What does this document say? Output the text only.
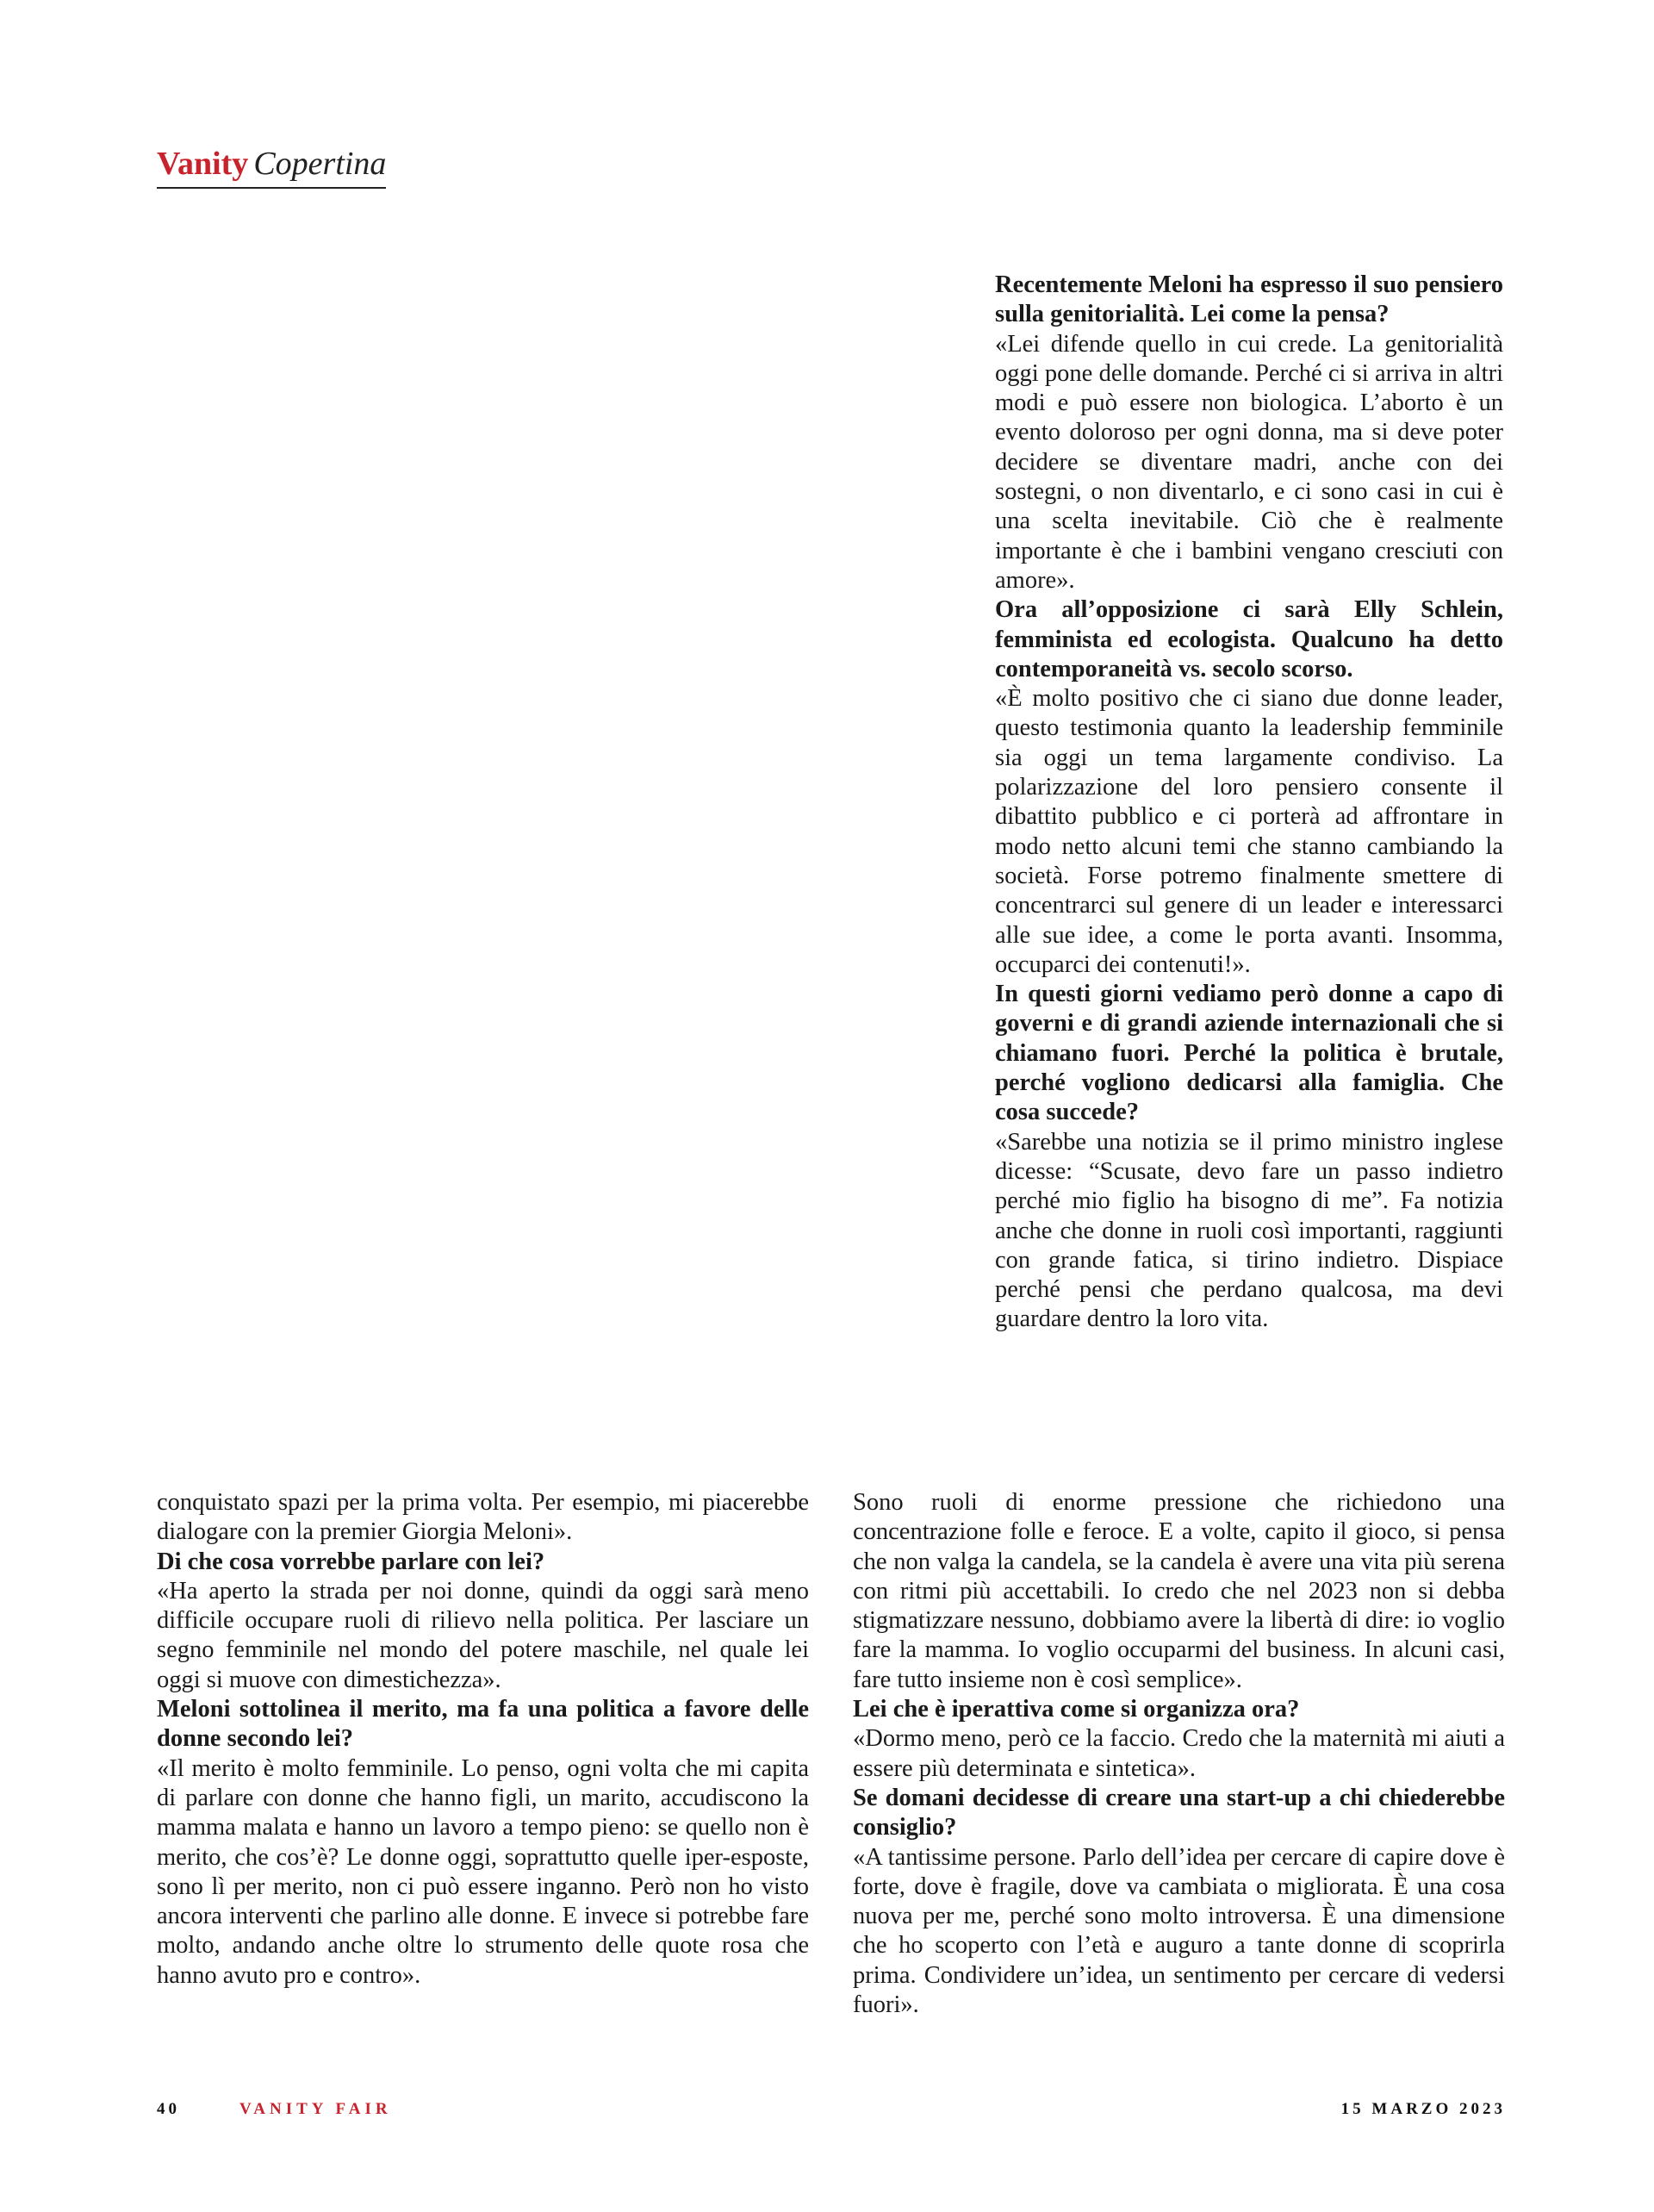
Vanity Copertina

conquistato spazi per la prima volta. Per esempio, mi piacerebbe dialogare con la premier Giorgia Meloni».

Di che cosa vorrebbe parlare con lei?

«Ha aperto la strada per noi donne, quindi da oggi sarà meno difficile occupare ruoli di rilievo nella politica. Per lasciare un segno femminile nel mondo del potere maschile, nel quale lei oggi si muove con dimestichezza».

Meloni sottolinea il merito, ma fa una politica a favore delle donne secondo lei?

«Il merito è molto femminile. Lo penso, ogni volta che mi capita di parlare con donne che hanno figli, un marito, accudiscono la mamma malata e hanno un lavoro a tempo pieno: se quello non è merito, che cos’è? Le donne oggi, soprattutto quelle iper-esposte, sono lì per merito, non ci può essere inganno. Però non ho visto ancora interventi che parlino alle donne. E invece si potrebbe fare molto, andando anche oltre lo strumento delle quote rosa che hanno avuto pro e contro».

Recentemente Meloni ha espresso il suo pensiero sulla genitorialità. Lei come la pensa?

«Lei difende quello in cui crede. La genitorialità oggi pone delle domande. Perché ci si arriva in altri modi e può essere non biologica. L’aborto è un evento doloroso per ogni donna, ma si deve poter decidere se diventare madri, anche con dei sostegni, o non diventarlo, e ci sono casi in cui è una scelta inevitabile. Ciò che è realmente importante è che i bambini vengano cresciuti con amore».

Ora all’opposizione ci sarà Elly Schlein, femminista ed ecologista. Qualcuno ha detto contemporaneità vs. secolo scorso.

«È molto positivo che ci siano due donne leader, questo testimonia quanto la leadership femminile sia oggi un tema largamente condiviso. La polarizzazione del loro pensiero consente il dibattito pubblico e ci porterà ad affrontare in modo netto alcuni temi che stanno cambiando la società. Forse potremo finalmente smettere di concentrarci sul genere di un leader e interessarci alle sue idee, a come le porta avanti. Insomma, occuparci dei contenuti!».

In questi giorni vediamo però donne a capo di governi e di grandi aziende internazionali che si chiamano fuori. Perché la politica è brutale, perché vogliono dedicarsi alla famiglia. Che cosa succede?

«Sarebbe una notizia se il primo ministro inglese dicesse: “Scusate, devo fare un passo indietro perché mio figlio ha bisogno di me”. Fa notizia anche che donne in ruoli così importanti, raggiunti con grande fatica, si tirino indietro. Dispiace perché pensi che perdano qualcosa, ma devi guardare dentro la loro vita.

Sono ruoli di enorme pressione che richiedono una concentrazione folle e feroce. E a volte, capito il gioco, si pensa che non valga la candela, se la candela è avere una vita più serena con ritmi più accettabili. Io credo che nel 2023 non si debba stigmatizzare nessuno, dobbiamo avere la libertà di dire: io voglio fare la mamma. Io voglio occuparmi del business. In alcuni casi, fare tutto insieme non è così semplice».

Lei che è iperattiva come si organizza ora?

«Dormo meno, però ce la faccio. Credo che la maternità mi aiuti a essere più determinata e sintetica».

Se domani decidesse di creare una start-up a chi chiederebbe consiglio?

«A tantissime persone. Parlo dell’idea per cercare di capire dove è forte, dove è fragile, dove va cambiata o migliorata. È una cosa nuova per me, perché sono molto introversa. È una dimensione che ho scoperto con l’età e auguro a tante donne di scoprirla prima. Condividere un’idea, un sentimento per cercare di vedersi fuori».

40	VANITY FAIR	15 MARZO 2023
